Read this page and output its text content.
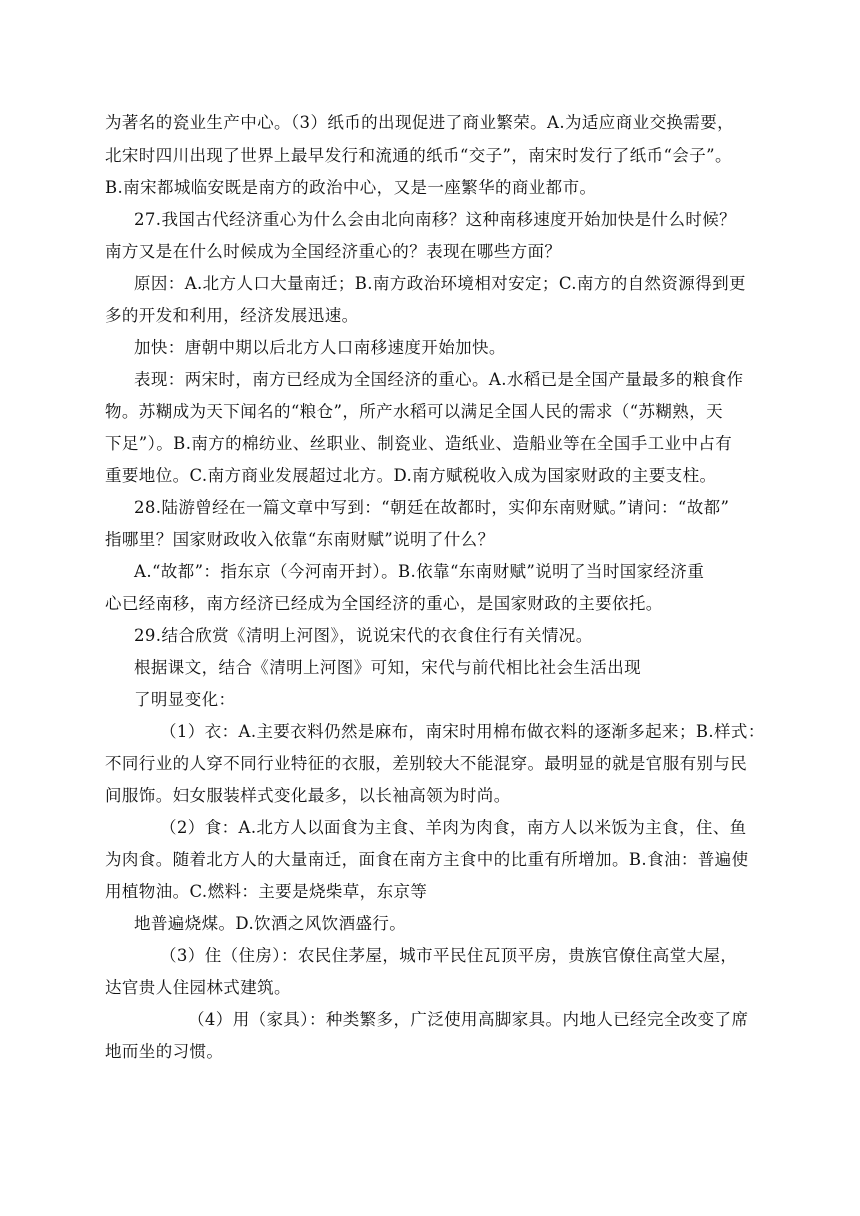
为著名的瓷业生产中心。（3）纸币的出现促进了商业繁荣。A.为适应商业交换需要，
北宋时四川出现了世界上最早发行和流通的纸币“交子”，南宋时发行了纸币“会子”。
B.南宋都城临安既是南方的政治中心，又是一座繁华的商业都市。
27.我国古代经济重心为什么会由北向南移？这种南移速度开始加快是什么时候？
南方又是在什么时候成为全国经济重心的？表现在哪些方面？
原因：A.北方人口大量南迁；B.南方政治环境相对安定；C.南方的自然资源得到更
多的开发和利用，经济发展迅速。
加快：唐朝中期以后北方人口南移速度开始加快。
表现：两宋时，南方已经成为全国经济的重心。A.水稻已是全国产量最多的粮食作
物。苏糊成为天下闻名的“粮仓”，所产水稻可以满足全国人民的需求（“苏糊熟，天
下足”）。B.南方的棉纺业、丝职业、制瓷业、造纸业、造船业等在全国手工业中占有
重要地位。C.南方商业发展超过北方。D.南方赋税收入成为国家财政的主要支柱。
28.陆游曾经在一篇文章中写到：“朝廷在故都时，实仰东南财赋。”请问：“故都”
指哪里？国家财政收入依靠“东南财赋”说明了什么？
A.“故都”：指东京（今河南开封）。B.依靠“东南财赋”说明了当时国家经济重
心已经南移，南方经济已经成为全国经济的重心，是国家财政的主要依托。
29.结合欣赏《清明上河图》，说说宋代的衣食住行有关情况。
根据课文，结合《清明上河图》可知，宋代与前代相比社会生活出现
了明显变化：
（1）衣：A.主要衣料仍然是麻布，南宋时用棉布做衣料的逐渐多起来；B.样式：
不同行业的人穿不同行业特征的衣服，差别较大不能混穿。最明显的就是官服有别与民
间服饰。妇女服装样式变化最多，以长袖高领为时尚。
（2）食：A.北方人以面食为主食、羊肉为肉食，南方人以米饭为主食，住、鱼
为肉食。随着北方人的大量南迁，面食在南方主食中的比重有所增加。B.食油：普遍使
用植物油。C.燃料：主要是烧柴草，东京等
地普遍烧煤。D.饮酒之风饮酒盛行。
（3）住（住房）：农民住茅屋，城市平民住瓦顶平房，贵族官僚住高堂大屋，
达官贵人住园林式建筑。
（4）用（家具）：种类繁多，广泛使用高脚家具。内地人已经完全改变了席
地而坐的习惯。
